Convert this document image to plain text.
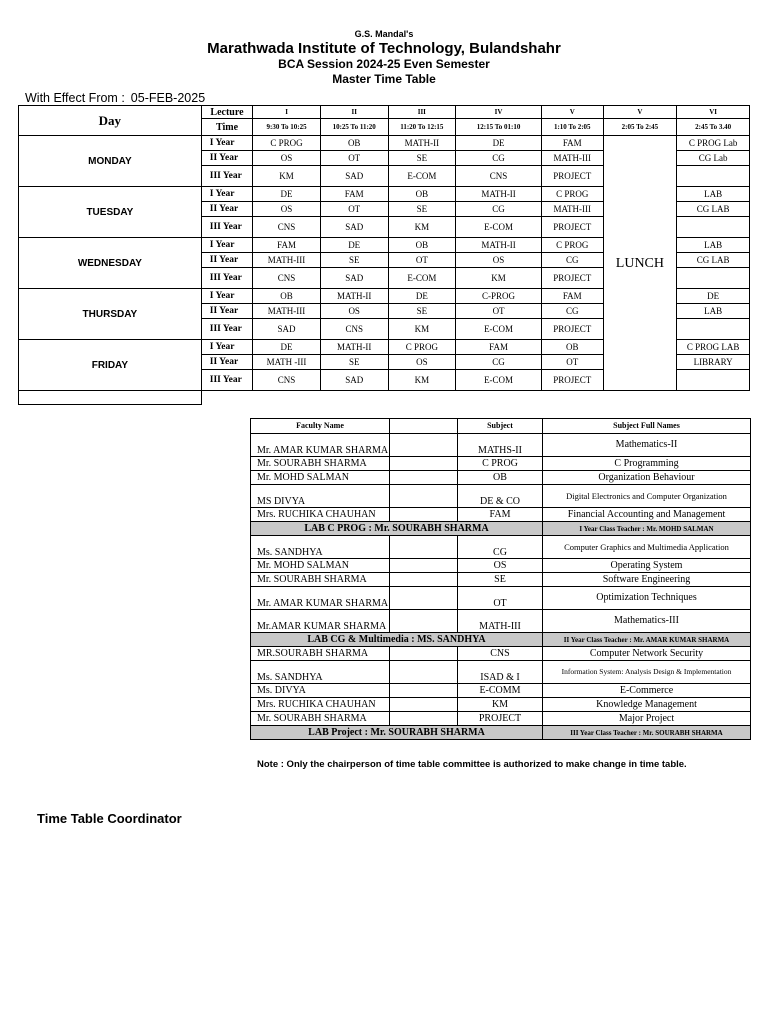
G.S. Mandal's
Marathwada Institute of Technology, Bulandshahr
BCA Session 2024-25 Even Semester
Master Time Table
With Effect From : 05-FEB-2025
Day	Lecture	I	II	III	IV	V	V	VI
	Time	9:30 To 10:25	10:25 To 11:20	11:20 To 12:15	12:15 To 01:10	1:10 To 2:05	2:05 To 2:45	2:45 To 3.40
MONDAY	I Year	C PROG	OB	MATH-II	DE	FAM	LUNCH	C PROG Lab
	II Year	OS	OT	SE	CG	MATH-III		CG Lab
	III Year	KM	SAD	E-COM	CNS	PROJECT		
TUESDAY	I Year	DE	FAM	OB	MATH-II	C PROG		LAB
	II Year	OS	OT	SE	CG	MATH-III		CG LAB
	III Year	CNS	SAD	KM	E-COM	PROJECT		
WEDNESDAY	I Year	FAM	DE	OB	MATH-II	C PROG		LAB
	II Year	MATH-III	SE	OT	OS	CG		CG LAB
	III Year	CNS	SAD	E-COM	KM	PROJECT		
THURSDAY	I Year	OB	MATH-II	DE	C-PROG	FAM		DE
	II Year	MATH-III	OS	SE	OT	CG		LAB
	III Year	SAD	CNS	KM	E-COM	PROJECT		
FRIDAY	I Year	DE	MATH-II	C PROG	FAM	OB		C PROG LAB
	II Year	MATH -III	SE	OS	CG	OT		LIBRARY
	III Year	CNS	SAD	KM	E-COM	PROJECT		

Faculty Name		Subject	Subject Full Names
Mr. AMAR KUMAR SHARMA		MATHS-II	Mathematics-II
Mr. SOURABH SHARMA		C PROG	C Programming
Mr. MOHD SALMAN		OB	Organization Behaviour
MS DIVYA		DE & CO	Digital Electronics and Computer Organization
Mrs. RUCHIKA CHAUHAN		FAM	Financial Accounting and Management
LAB C PROG : Mr. SOURABH SHARMA			I Year Class Teacher : Mr. MOHD SALMAN
Ms. SANDHYA		CG	Computer Graphics and Multimedia Application
Mr. MOHD SALMAN		OS	Operating System
Mr. SOURABH SHARMA		SE	Software Engineering
Mr. AMAR KUMAR SHARMA		OT	Optimization Techniques
Mr.AMAR KUMAR SHARMA		MATH-III	Mathematics-III
LAB CG & Multimedia : MS. SANDHYA			II Year Class Teacher : Mr. AMAR KUMAR SHARMA
MR.SOURABH SHARMA		CNS	Computer Network Security
Ms. SANDHYA		ISAD & I	Information System: Analysis Design & Implementation
Ms. DIVYA		E-COMM	E-Commerce
Mrs. RUCHIKA CHAUHAN		KM	Knowledge Management
Mr. SOURABH SHARMA		PROJECT	Major Project
LAB Project : Mr. SOURABH SHARMA			III Year Class Teacher : Mr. SOURABH SHARMA
Note : Only the chairperson of time table committee is authorized to make change in time table.
Time Table Coordinator
